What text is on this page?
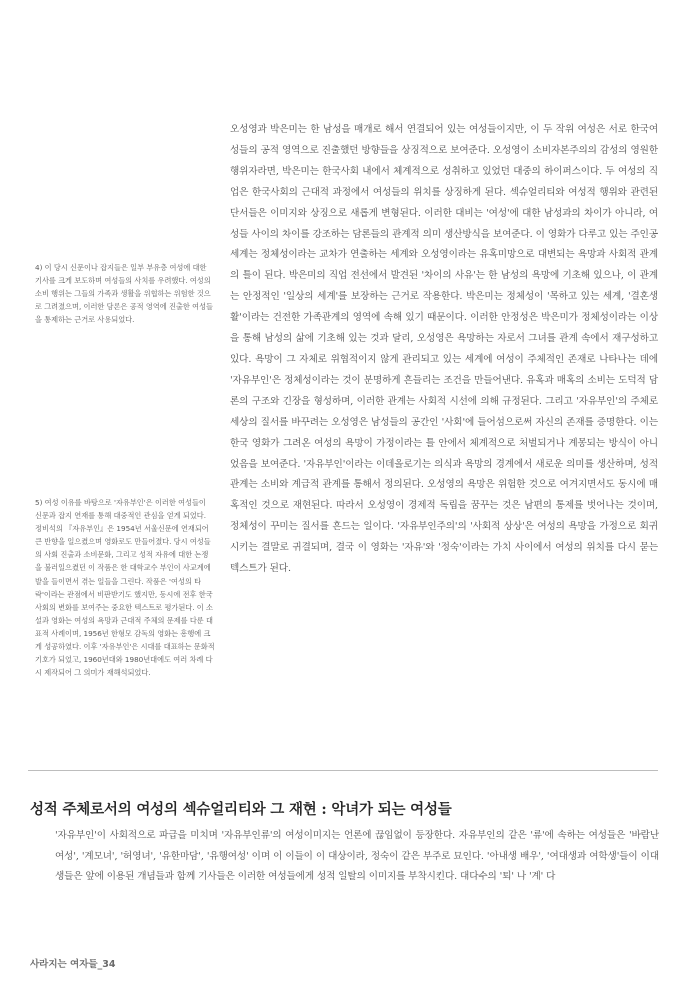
오성영과 박은미는 한 남성을 매개로 해서 연결되어 있는 여성들이지만, 이 두 작위 여성은 서로 한국여성들의 공적 영역으로 진출했던 방향들을 상징적으로 보여준다. 오성영이 소비자본주의의 감성의 영원한 행위자라면, 박은미는 한국사회 내에서 체계적으로 성취하고 있었던 대중의 하이퍼스이다. 두 여성의 직업은 한국사회의 근대적 과정에서 여성들의 위치를 상징하게 된다. 섹슈얼리티와 여성적 행위와 관련된 단서들은 이미지와 상징으로 새롭게 변형된다. 이러한 대비는 '여성'에 대한 남성과의 차이가 아니라, 여성들 사이의 차이를 강조하는 담론들의 관계적 의미 생산방식을 보여준다. 이 영화가 다루고 있는 주인공 세계는 정체성이라는 교차가 연출하는 세계와 오성영이라는 유혹미망으로 대변되는 욕망과 사회적 관계의 틀이 된다. 박은미의 직업 전선에서 발견된 '차이의 사유'는 한 남성의 욕망에 기초해 있으나, 이 관계는 안정적인 '일상의 세계'를 보장하는 근거로 작용한다. 박은미는 정체성이 '목하고 있는 세계, '결혼생활'이라는 건전한 가족관계의 영역에 속해 있기 때문이다. 이러한 안정성은 박은미가 정체성이라는 이상을 통해 남성의 삶에 기초해 있는 것과 달리, 오성영은 욕망하는 자로서 그녀를 관계 속에서 재구성하고 있다. 욕망이 그 자체로 위협적이지 않게 관리되고 있는 세계에 여성이 주체적인 존재로 나타나는 데에 '자유부인'은 정체성이라는 것이 분명하게 흔들리는 조건을 만들어낸다. 유혹과 매혹의 소비는 도덕적 담론의 구조와 긴장을 형성하며, 이러한 관계는 사회적 시선에 의해 규정된다. 그리고 '자유부인'의 주체로 세상의 질서를 바꾸려는 오성영은 남성들의 공간인 '사회'에 들어섬으로써 자신의 존재를 증명한다. 이는 한국 영화가 그려온 여성의 욕망이 가정이라는 틀 안에서 체계적으로 처벌되거나 계몽되는 방식이 아니었음을 보여준다. '자유부인'이라는 이데올로기는 의식과 욕망의 경계에서 새로운 의미를 생산하며, 성적 관계는 소비와 계급적 관계를 통해서 정의된다. 오성영의 욕망은 위험한 것으로 여겨지면서도 동시에 매혹적인 것으로 재현된다. 따라서 오성영이 경제적 독립을 꿈꾸는 것은 남편의 통제를 벗어나는 것이며, 정체성이 꾸미는 질서를 흔드는 일이다. '자유부인주의'의 '사회적 상상'은 여성의 욕망을 가정으로 회귀시키는 결말로 귀결되며, 결국 이 영화는 '자유'와 '정숙'이라는 가치 사이에서 여성의 위치를 다시 묻는 텍스트가 된다.

4) 이 당시 신문이나 잡지들은 일부 부유층 여성에 대한 기사를 크게 보도하며 여성들의 사치를 우려했다. 여성의 소비 행위는 그들의 가족과 생활을 위협하는 위험한 것으로 그려졌으며, 이러한 담론은 공적 영역에 진출한 여성들을 통제하는 근거로 사용되었다.
5) 여성 이유를 바탕으로 '자유부인'은 이러한 여성들이 신문과 잡지 연재를 통해 대중적인 관심을 얻게 되었다. 정비석의 『자유부인』은 1954년 서울신문에 연재되어 큰 반향을 일으켰으며 영화로도 만들어졌다. 당시 여성들의 사회 진출과 소비문화, 그리고 성적 자유에 대한 논쟁을 불러일으켰던 이 작품은 한 대학교수 부인이 사교계에 발을 들이면서 겪는 일들을 그린다. 작품은 '여성의 타락'이라는 관점에서 비판받기도 했지만, 동시에 전후 한국사회의 변화를 보여주는 중요한 텍스트로 평가된다. 이 소설과 영화는 여성의 욕망과 근대적 주체의 문제를 다룬 대표적 사례이며, 1956년 한형모 감독의 영화는 흥행에 크게 성공하였다. 이후 '자유부인'은 시대를 대표하는 문화적 기호가 되었고, 1960년대와 1980년대에도 여러 차례 다시 제작되어 그 의미가 재해석되었다.
성적 주체로서의 여성의 섹슈얼리티와 그 재현 : 악녀가 되는 여성들

'자유부인'이 사회적으로 파급을 미치며 '자유부인류'의 여성이미지는 언론에 끊임없이 등장한다. 자유부인의 같은 '류'에 속하는 여성들은 '바람난 여성', '계모녀', '허영녀', '유한마담', '유행여성' 이며 이 이들이 이 대상이라, 정숙이 같은 부주로 묘인다. '아내생 배우', '여대생과 여학생'들이 이대생들은 앞에 이용된 개념들과 함께 기사들은 이러한 여성들에게 성적 일탈의 이미지를 부착시킨다. 대다수의 '퇴' 나 '계' 다

사라지는 여자들_34
